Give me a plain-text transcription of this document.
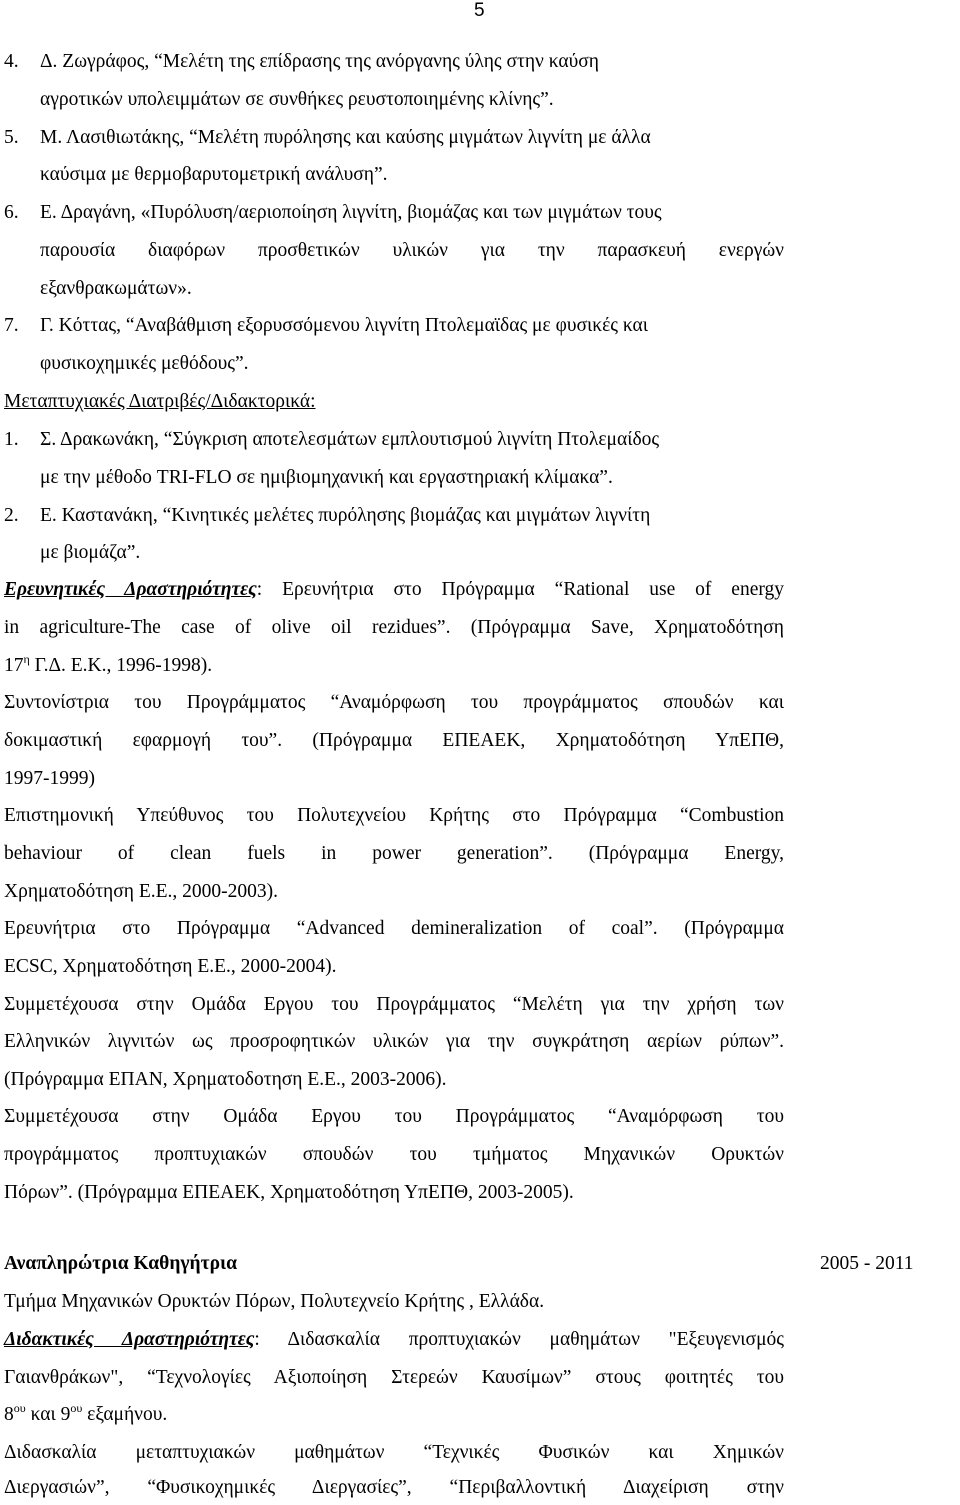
5
4. Δ. Ζωγράφος, “Μελέτη της επίδρασης της ανόργανης ύλης στην καύση
αγροτικών υπολειμμάτων σε συνθήκες ρευστοποιημένης κλίνης”.
5. Μ. Λασιθιωτάκης, “Μελέτη πυρόλησης και καύσης μιγμάτων λιγνίτη με άλλα
καύσιμα με θερμοβαρυτομετρική ανάλυση”.
6. Ε. Δραγάνη, «Πυρόλυση/αεριοποίηση λιγνίτη, βιομάζας και των μιγμάτων τους
παρουσία διαφόρων προσθετικών υλικών για την παρασκευή ενεργών
εξανθρακωμάτων».
7. Γ. Κόττας, “Αναβάθμιση εξορυσσόμενου λιγνίτη Πτολεμαϊδας με φυσικές και
φυσικοχημικές μεθόδους”.
Μεταπτυχιακές Διατριβές/Διδακτορικά:
1. Σ. Δρακωνάκη, “Σύγκριση αποτελεσμάτων εμπλουτισμού λιγνίτη Πτολεμαίδος
με την μέθοδο TRI-FLO σε ημιβιομηχανική και εργαστηριακή κλίμακα”.
2. Ε. Καστανάκη, “Κινητικές μελέτες πυρόλησης βιομάζας και μιγμάτων λιγνίτη
με βιομάζα”.
Ερευνητικές Δραστηριότητες: Ερευνήτρια στο Πρόγραμμα “Rational use of energy
in agriculture-The case of olive oil rezidues”. (Πρόγραμμα Save, Χρηματοδότηση
$17^\eta$ Γ.Δ. Ε.Κ., 1996-1998).
Συντονίστρια του Προγράμματος “Αναμόρφωση του προγράμματος σπουδών και
δοκιμαστική εφαρμογή του”. (Πρόγραμμα ΕΠΕΑΕΚ, Χρηματοδότηση ΥπΕΠΘ,
1997-1999)
Επιστημονική Υπεύθυνος του Πολυτεχνείου Κρήτης στο Πρόγραμμα “Combustion
behaviour of clean fuels in power generation”. (Πρόγραμμα Energy,
Χρηματοδότηση Ε.Ε., 2000-2003).
Ερευνήτρια στο Πρόγραμμα “Advanced demineralization of coal”. (Πρόγραμμα
ECSC, Χρηματοδότηση Ε.Ε., 2000-2004).
Συμμετέχουσα στην Ομάδα Εργου του Προγράμματος “Μελέτη για την χρήση των
Ελληνικών λιγνιτών ως προσροφητικών υλικών για την συγκράτηση αερίων ρύπων”.
(Πρόγραμμα ΕΠΑΝ, Χρηματοδοτηση Ε.Ε., 2003-2006).
Συμμετέχουσα στην Ομάδα Εργου του Προγράμματος “Αναμόρφωση του
προγράμματος προπτυχιακών σπουδών του τμήματος Μηχανικών Ορυκτών
Πόρων”. (Πρόγραμμα ΕΠΕΑΕΚ, Χρηματοδότηση ΥπΕΠΘ, 2003-2005).
Αναπληρώτρια Καθηγήτρια	2005 - 2011
Τμήμα Μηχανικών Ορυκτών Πόρων, Πολυτεχνείο Κρήτης , Ελλάδα.
Διδακτικές Δραστηριότητες: Διδασκαλία προπτυχιακών μαθημάτων "Εξευγενισμός
Γαιανθράκων", “Τεχνολογίες Αξιοποίηση Στερεών Καυσίμων” στους φοιτητές του
$8^{o\upsilon}$ και $9^{o\upsilon}$ εξαμήνου.
Διδασκαλία μεταπτυχιακών μαθημάτων “Τεχνικές Φυσικών και Χημικών
Διεργασιών”, “Φυσικοχημικές Διεργασίες”, “Περιβαλλοντική Διαχείριση στην
